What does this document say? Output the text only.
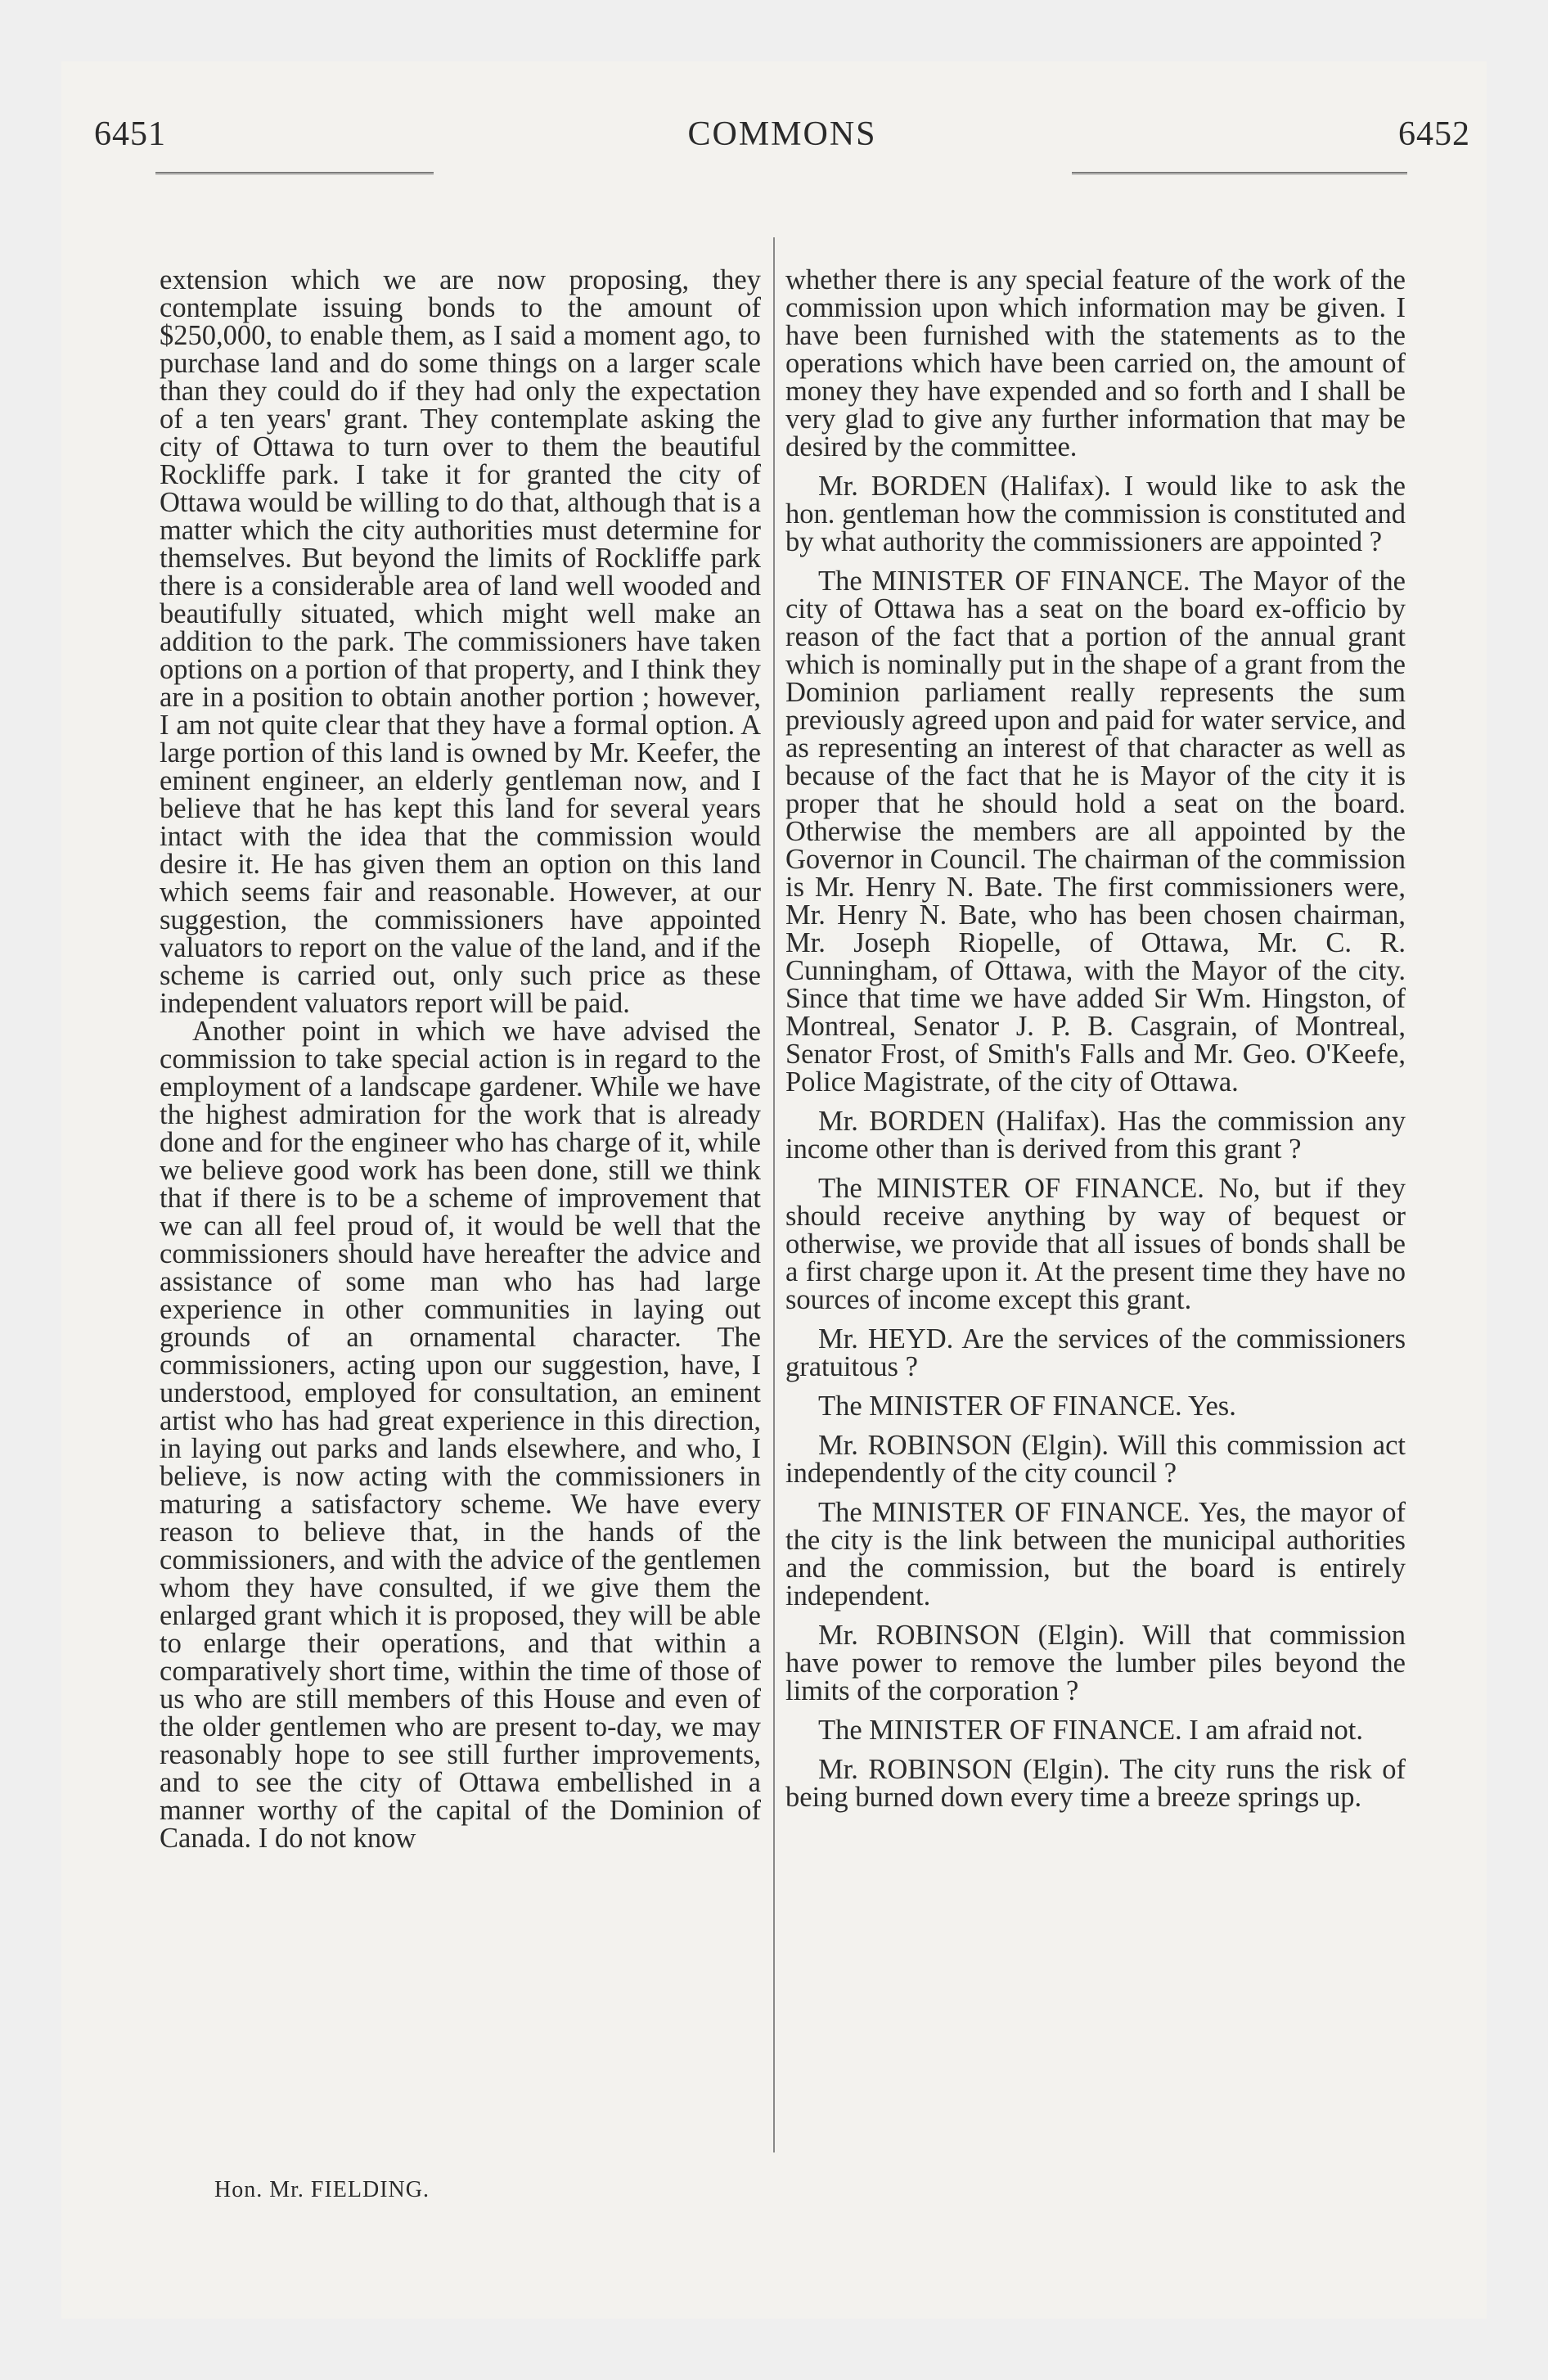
6451	COMMONS	6452

extension which we are now proposing, they contemplate issuing bonds to the amount of $250,000, to enable them, as I said a moment ago, to purchase land and do some things on a larger scale than they could do if they had only the expectation of a ten years' grant. They contemplate asking the city of Ottawa to turn over to them the beautiful Rockliffe park. I take it for granted the city of Ottawa would be willing to do that, although that is a matter which the city authorities must determine for themselves. But beyond the limits of Rockliffe park there is a considerable area of land well wooded and beautifully situated, which might well make an addition to the park. The commissioners have taken options on a portion of that property, and I think they are in a position to obtain another portion ; however, I am not quite clear that they have a formal option. A large portion of this land is owned by Mr. Keefer, the eminent engineer, an elderly gentleman now, and I believe that he has kept this land for several years intact with the idea that the commission would desire it. He has given them an option on this land which seems fair and reasonable. However, at our suggestion, the commissioners have appointed valuators to report on the value of the land, and if the scheme is carried out, only such price as these independent valuators report will be paid.

Another point in which we have advised the commission to take special action is in regard to the employment of a landscape gardener. While we have the highest admiration for the work that is already done and for the engineer who has charge of it, while we believe good work has been done, still we think that if there is to be a scheme of improvement that we can all feel proud of, it would be well that the commissioners should have hereafter the advice and assistance of some man who has had large experience in other communities in laying out grounds of an ornamental character. The commissioners, acting upon our suggestion, have, I understood, employed for consultation, an eminent artist who has had great experience in this direction, in laying out parks and lands elsewhere, and who, I believe, is now acting with the commissioners in maturing a satisfactory scheme. We have every reason to believe that, in the hands of the commissioners, and with the advice of the gentlemen whom they have consulted, if we give them the enlarged grant which it is proposed, they will be able to enlarge their operations, and that within a comparatively short time, within the time of those of us who are still members of this House and even of the older gentlemen who are present to-day, we may reasonably hope to see still further improvements, and to see the city of Ottawa embellished in a manner worthy of the capital of the Dominion of Canada. I do not know

whether there is any special feature of the work of the commission upon which information may be given. I have been furnished with the statements as to the operations which have been carried on, the amount of money they have expended and so forth and I shall be very glad to give any further information that may be desired by the committee.

Mr. BORDEN (Halifax). I would like to ask the hon. gentleman how the commission is constituted and by what authority the commissioners are appointed ?

The MINISTER OF FINANCE. The Mayor of the city of Ottawa has a seat on the board ex-officio by reason of the fact that a portion of the annual grant which is nominally put in the shape of a grant from the Dominion parliament really represents the sum previously agreed upon and paid for water service, and as representing an interest of that character as well as because of the fact that he is Mayor of the city it is proper that he should hold a seat on the board. Otherwise the members are all appointed by the Governor in Council. The chairman of the commission is Mr. Henry N. Bate. The first commissioners were, Mr. Henry N. Bate, who has been chosen chairman, Mr. Joseph Riopelle, of Ottawa, Mr. C. R. Cunningham, of Ottawa, with the Mayor of the city. Since that time we have added Sir Wm. Hingston, of Montreal, Senator J. P. B. Casgrain, of Montreal, Senator Frost, of Smith's Falls and Mr. Geo. O'Keefe, Police Magistrate, of the city of Ottawa.

Mr. BORDEN (Halifax). Has the commission any income other than is derived from this grant ?

The MINISTER OF FINANCE. No, but if they should receive anything by way of bequest or otherwise, we provide that all issues of bonds shall be a first charge upon it. At the present time they have no sources of income except this grant.

Mr. HEYD. Are the services of the commissioners gratuitous ?

The MINISTER OF FINANCE. Yes.

Mr. ROBINSON (Elgin). Will this commission act independently of the city council ?

The MINISTER OF FINANCE. Yes, the mayor of the city is the link between the municipal authorities and the commission, but the board is entirely independent.

Mr. ROBINSON (Elgin). Will that commission have power to remove the lumber piles beyond the limits of the corporation ?

The MINISTER OF FINANCE. I am afraid not.

Mr. ROBINSON (Elgin). The city runs the risk of being burned down every time a breeze springs up.

Hon. Mr. FIELDING.
